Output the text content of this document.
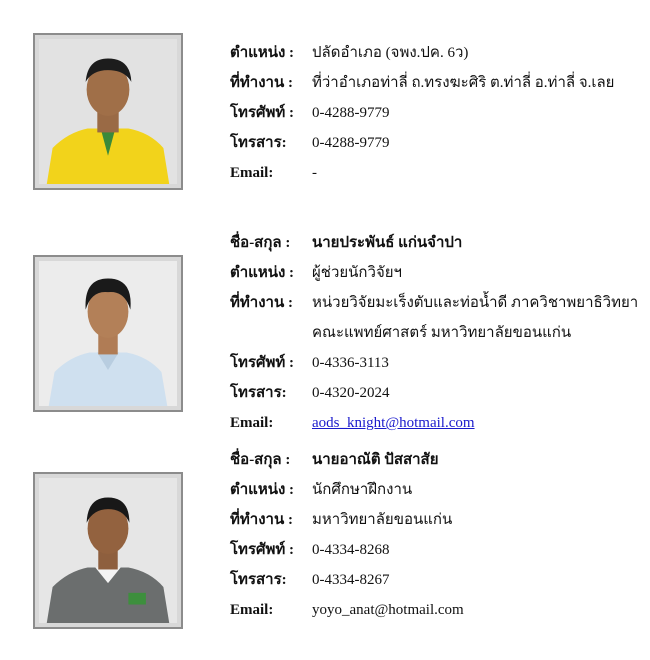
ตำแหน่ง :	ปลัดอำเภอ (จพง.ปค. 6ว)
ที่ทำงาน :	ที่ว่าอำเภอท่าลี่ ถ.ทรงฆะศิริ ต.ท่าลี่ อ.ท่าลี่ จ.เลย
โทรศัพท์ :	0-4288-9779
โทรสาร:	0-4288-9779
Email:	-
ชื่อ-สกุล :	นายประพันธ์ แก่นจำปา
ตำแหน่ง :	ผู้ช่วยนักวิจัยฯ
ที่ทำงาน :	หน่วยวิจัยมะเร็งตับและท่อน้ำดี ภาควิชาพยาธิวิทยา
คณะแพทย์ศาสตร์ มหาวิทยาลัยขอนแก่น
โทรศัพท์ :	0-4336-3113
โทรสาร:	0-4320-2024
Email:	aods_knight@hotmail.com
ชื่อ-สกุล :	นายอาณัติ ปัสสาสัย
ตำแหน่ง :	นักศึกษาฝึกงาน
ที่ทำงาน :	มหาวิทยาลัยขอนแก่น
โทรศัพท์ :	0-4334-8268
โทรสาร:	0-4334-8267
Email:	yoyo_anat@hotmail.com
